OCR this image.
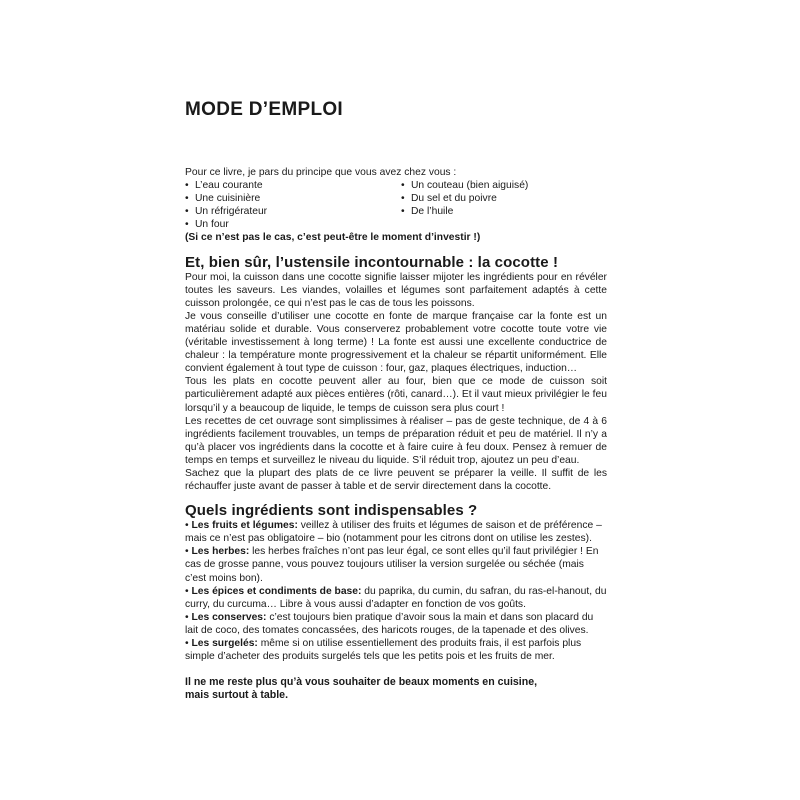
MODE D’EMPLOI

Pour ce livre, je pars du principe que vous avez chez vous :

• L’eau courante
• Une cuisinière
• Un réfrigérateur
• Un four
• Un couteau (bien aiguisé)
• Du sel et du poivre
• De l’huile

(Si ce n’est pas le cas, c’est peut-être le moment d’investir !)

Et, bien sûr, l’ustensile incontournable : la cocotte !

Pour moi, la cuisson dans une cocotte signifie laisser mijoter les ingrédients pour en révéler toutes les saveurs. Les viandes, volailles et légumes sont parfaitement adaptés à cette cuisson prolongée, ce qui n’est pas le cas de tous les poissons.

Je vous conseille d’utiliser une cocotte en fonte de marque française car la fonte est un matériau solide et durable. Vous conserverez probablement votre cocotte toute votre vie (véritable investissement à long terme) ! La fonte est aussi une excellente conductrice de chaleur : la température monte progressivement et la chaleur se répartit uniformément. Elle convient également à tout type de cuisson : four, gaz, plaques électriques, induction…

Tous les plats en cocotte peuvent aller au four, bien que ce mode de cuisson soit particulièrement adapté aux pièces entières (rôti, canard…). Et il vaut mieux privilégier le feu lorsqu’il y a beaucoup de liquide, le temps de cuisson sera plus court !

Les recettes de cet ouvrage sont simplissimes à réaliser – pas de geste technique, de 4 à 6 ingrédients facilement trouvables, un temps de préparation réduit et peu de matériel. Il n’y a qu’à placer vos ingrédients dans la cocotte et à faire cuire à feu doux. Pensez à remuer de temps en temps et surveillez le niveau du liquide. S’il réduit trop, ajoutez un peu d’eau.

Sachez que la plupart des plats de ce livre peuvent se préparer la veille. Il suffit de les réchauffer juste avant de passer à table et de servir directement dans la cocotte.

Quels ingrédients sont indispensables ?

• Les fruits et légumes: veillez à utiliser des fruits et légumes de saison et de préférence – mais ce n’est pas obligatoire – bio (notamment pour les citrons dont on utilise les zestes).

• Les herbes: les herbes fraîches n’ont pas leur égal, ce sont elles qu’il faut privilégier ! En cas de grosse panne, vous pouvez toujours utiliser la version surgelée ou séchée (mais c’est moins bon).

• Les épices et condiments de base: du paprika, du cumin, du safran, du ras-el-hanout, du curry, du curcuma… Libre à vous aussi d’adapter en fonction de vos goûts.

• Les conserves: c’est toujours bien pratique d’avoir sous la main et dans son placard du lait de coco, des tomates concassées, des haricots rouges, de la tapenade et des olives.

• Les surgelés: même si on utilise essentiellement des produits frais, il est parfois plus simple d’acheter des produits surgelés tels que les petits pois et les fruits de mer.

Il ne me reste plus qu’à vous souhaiter de beaux moments en cuisine,

mais surtout à table.
